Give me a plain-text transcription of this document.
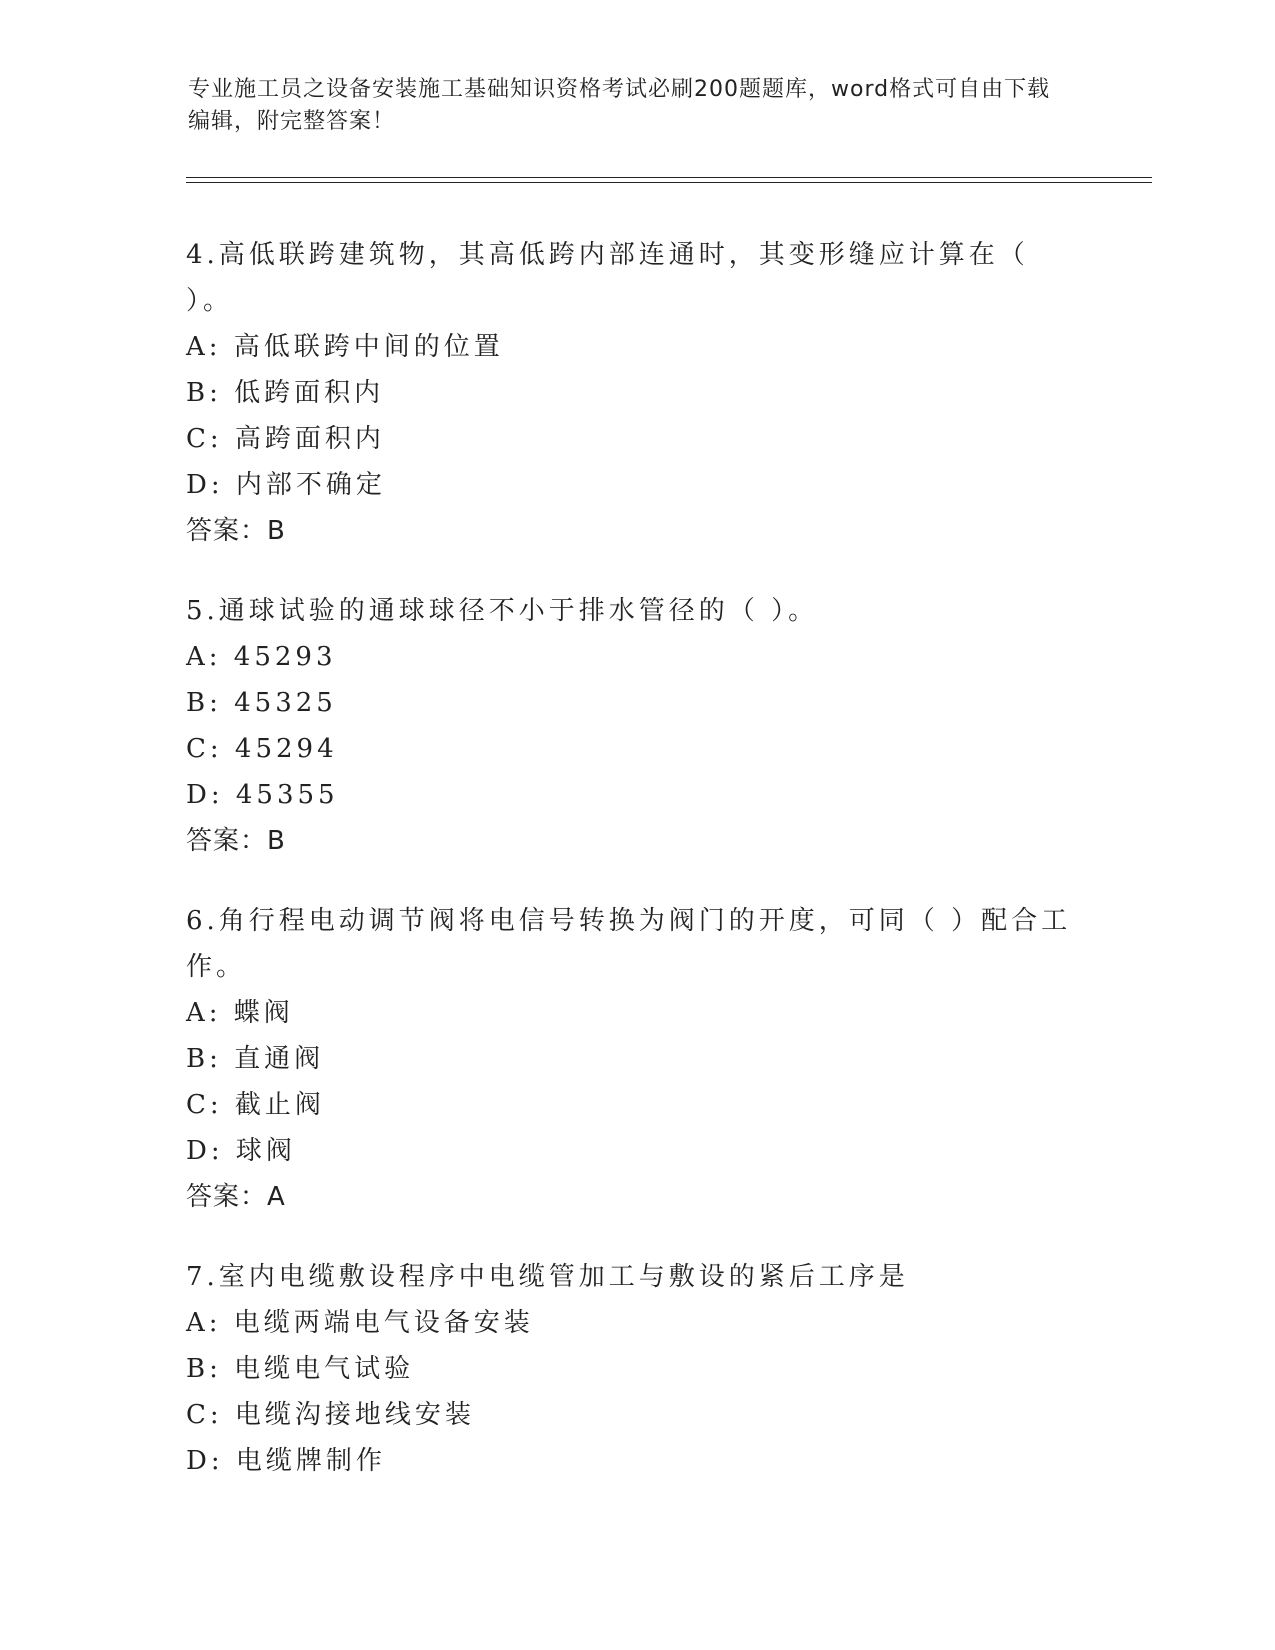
专业施工员之设备安装施工基础知识资格考试必刷200题题库，word格式可自由下载编辑，附完整答案！
4.高低联跨建筑物，其高低跨内部连通时，其变形缝应计算在（ ）。
A: 高低联跨中间的位置
B: 低跨面积内
C: 高跨面积内
D: 内部不确定
答案：B
5.通球试验的通球球径不小于排水管径的（ ）。
A: 45293
B: 45325
C: 45294
D: 45355
答案：B
6.角行程电动调节阀将电信号转换为阀门的开度，可同（ ）配合工作。
A: 蝶阀
B: 直通阀
C: 截止阀
D: 球阀
答案：A
7.室内电缆敷设程序中电缆管加工与敷设的紧后工序是
A: 电缆两端电气设备安装
B: 电缆电气试验
C: 电缆沟接地线安装
D: 电缆牌制作
